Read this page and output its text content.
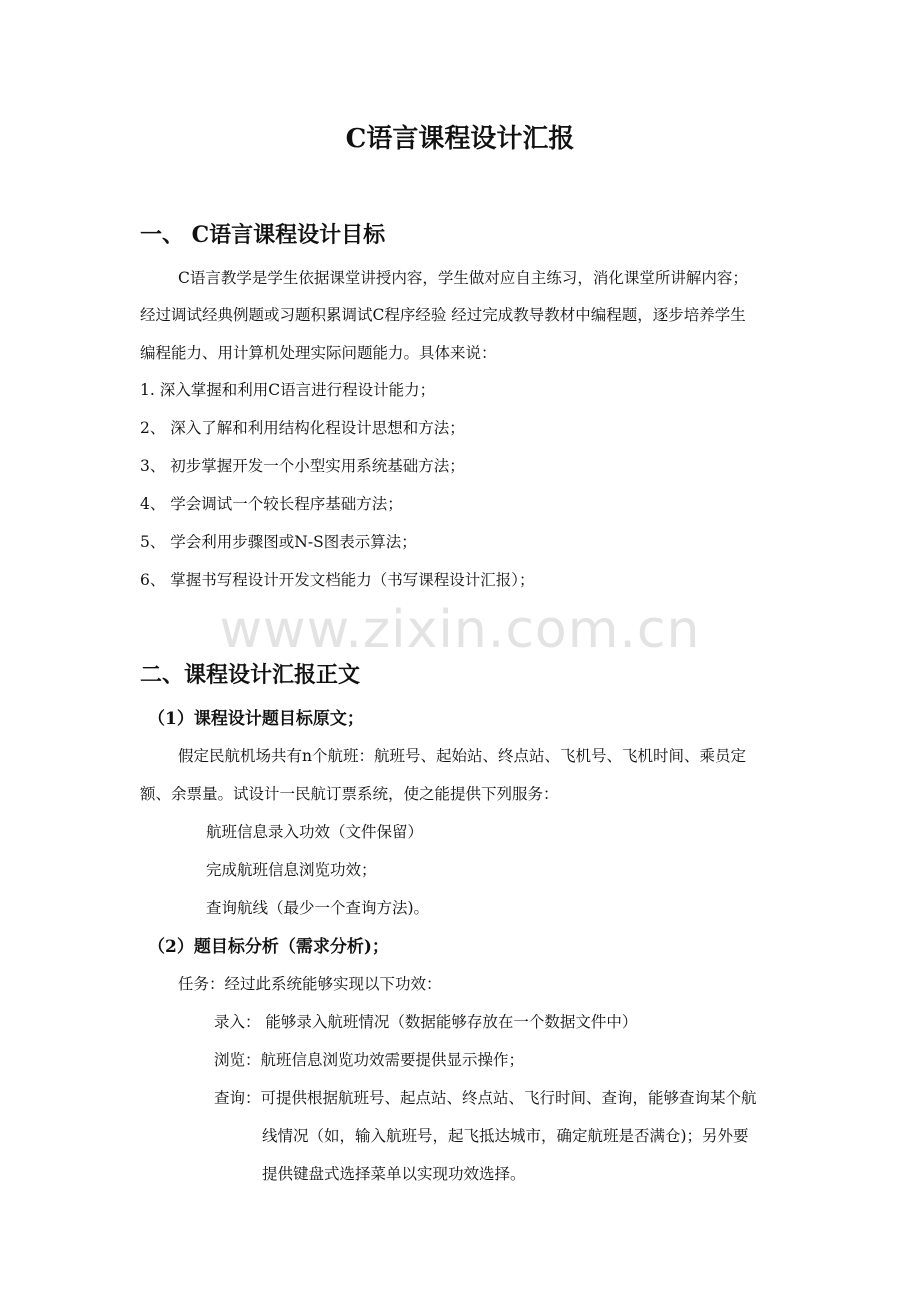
www.zixin.com.cn
C语言课程设计汇报
一、 C语言课程设计目标
C语言教学是学生依据课堂讲授内容，学生做对应自主练习，消化课堂所讲解内容；
经过调试经典例题或习题积累调试C程序经验 经过完成教导教材中编程题，逐步培养学生
编程能力、用计算机处理实际问题能力。具体来说：
1. 深入掌握和利用C语言进行程设计能力；
2、 深入了解和利用结构化程设计思想和方法；
3、 初步掌握开发一个小型实用系统基础方法；
4、 学会调试一个较长程序基础方法；
5、 学会利用步骤图或N-S图表示算法；
6、 掌握书写程设计开发文档能力（书写课程设计汇报）；
二、课程设计汇报正文
（1）课程设计题目标原文；
假定民航机场共有n个航班：航班号、起始站、终点站、飞机号、飞机时间、乘员定
额、余票量。试设计一民航订票系统，使之能提供下列服务：
航班信息录入功效（文件保留）
完成航班信息浏览功效；
查询航线（最少一个查询方法)。
（2）题目标分析（需求分析)；
任务：经过此系统能够实现以下功效：
录入： 能够录入航班情况（数据能够存放在一个数据文件中）
浏览：航班信息浏览功效需要提供显示操作；
查询：可提供根据航班号、起点站、终点站、飞行时间、查询，能够查询某个航
线情况（如，输入航班号，起飞抵达城市，确定航班是否满仓)；另外要
提供键盘式选择菜单以实现功效选择。
